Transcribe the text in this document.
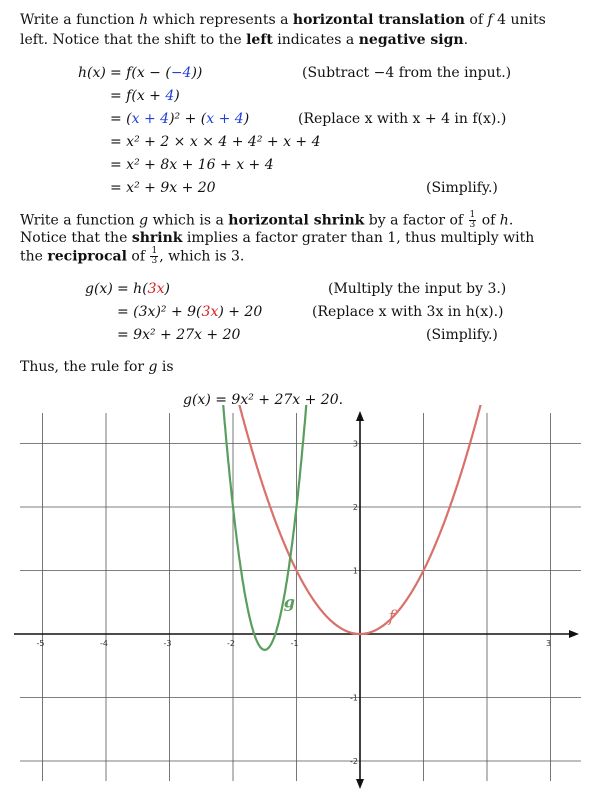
Write a function h which represents a horizontal translation of f 4 units
left. Notice that the shift to the left indicates a negative sign.
h(x) = f(x − (−4))	(Subtract −4 from the input.)
= f(x + 4)
= (x + 4)² + (x + 4)	(Replace x with x + 4 in f(x).)
= x² + 2 × x × 4 + 4² + x + 4
= x² + 8x + 16 + x + 4
= x² + 9x + 20	(Simplify.)
Write a function g which is a horizontal shrink by a factor of $\frac{1}{3}$ of h.
Notice that the shrink implies a factor grater than 1, thus multiply with
the reciprocal of $\frac{1}{3}$ , which is 3.
g(x) = h(3x)	(Multiply the input by 3.)
= (3x)² + 9(3x) + 20	(Replace x with 3x in h(x).)
= 9x² + 27x + 20	(Simplify.)
Thus, the rule for g is
g(x) = 9x² + 27x + 20.
-5	-4	-3	-2	-1	3
3
2
1
-1
-2
g
f
